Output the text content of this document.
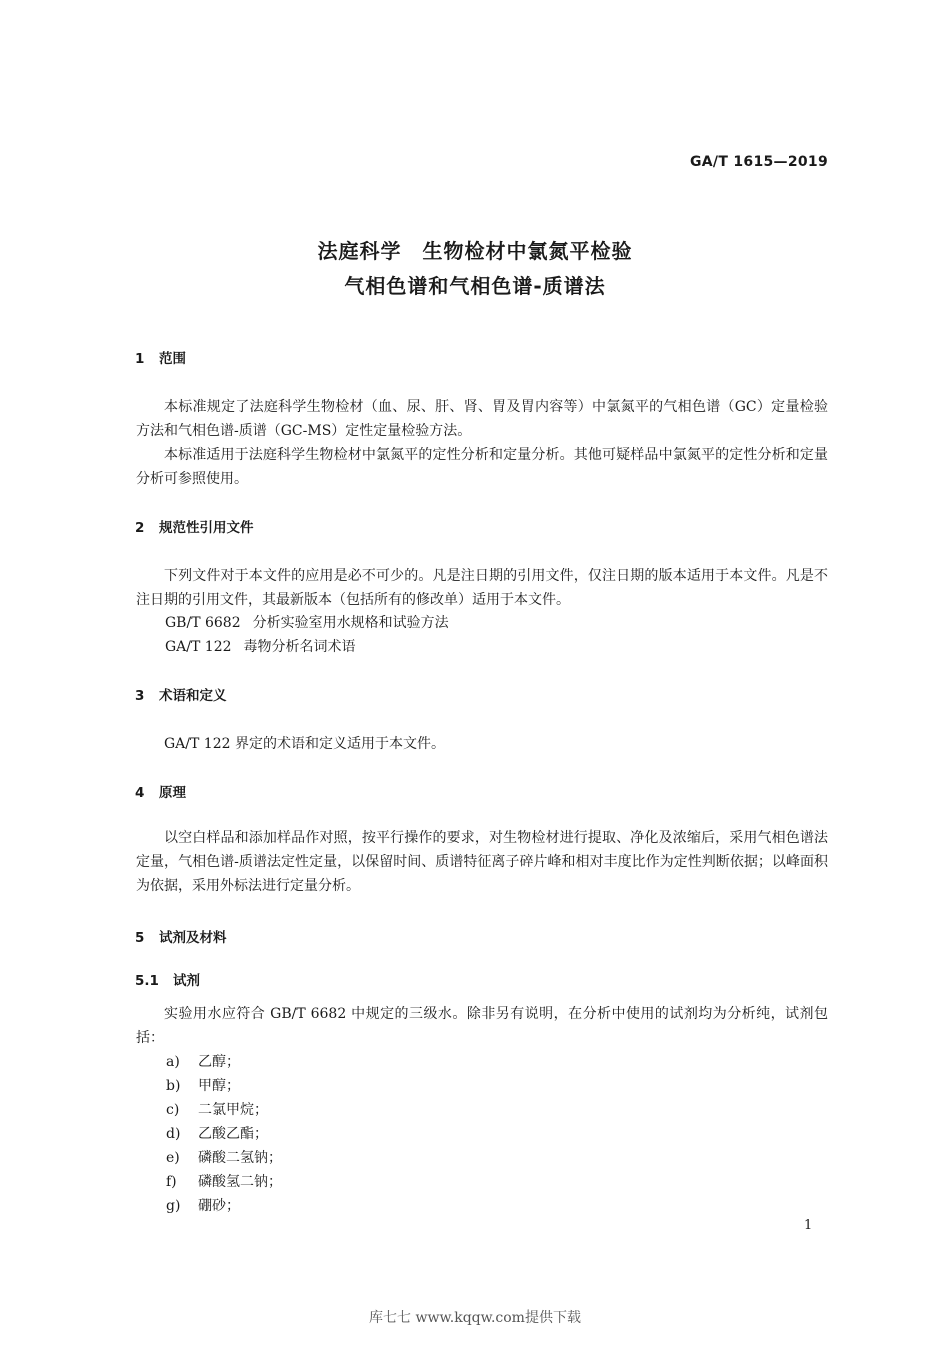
GA/T 1615—2019
法庭科学　生物检材中氯氮平检验
气相色谱和气相色谱-质谱法
1 范围
本标准规定了法庭科学生物检材（血、尿、肝、肾、胃及胃内容等）中氯氮平的气相色谱（GC）定量检验方法和气相色谱-质谱（GC-MS）定性定量检验方法。
本标准适用于法庭科学生物检材中氯氮平的定性分析和定量分析。其他可疑样品中氯氮平的定性分析和定量分析可参照使用。
2 规范性引用文件
下列文件对于本文件的应用是必不可少的。凡是注日期的引用文件，仅注日期的版本适用于本文件。凡是不注日期的引用文件，其最新版本（包括所有的修改单）适用于本文件。
GB/T 6682 分析实验室用水规格和试验方法
GA/T 122 毒物分析名词术语
3 术语和定义
GA/T 122 界定的术语和定义适用于本文件。
4 原理
以空白样品和添加样品作对照，按平行操作的要求，对生物检材进行提取、净化及浓缩后，采用气相色谱法定量，气相色谱-质谱法定性定量，以保留时间、质谱特征离子碎片峰和相对丰度比作为定性判断依据；以峰面积为依据，采用外标法进行定量分析。
5 试剂及材料
5.1 试剂
实验用水应符合 GB/T 6682 中规定的三级水。除非另有说明，在分析中使用的试剂均为分析纯，试剂包括：
a) 乙醇；
b) 甲醇；
c) 二氯甲烷；
d) 乙酸乙酯；
e) 磷酸二氢钠；
f) 磷酸氢二钠；
g) 硼砂；
1
库七七 www.kqqw.com提供下载
